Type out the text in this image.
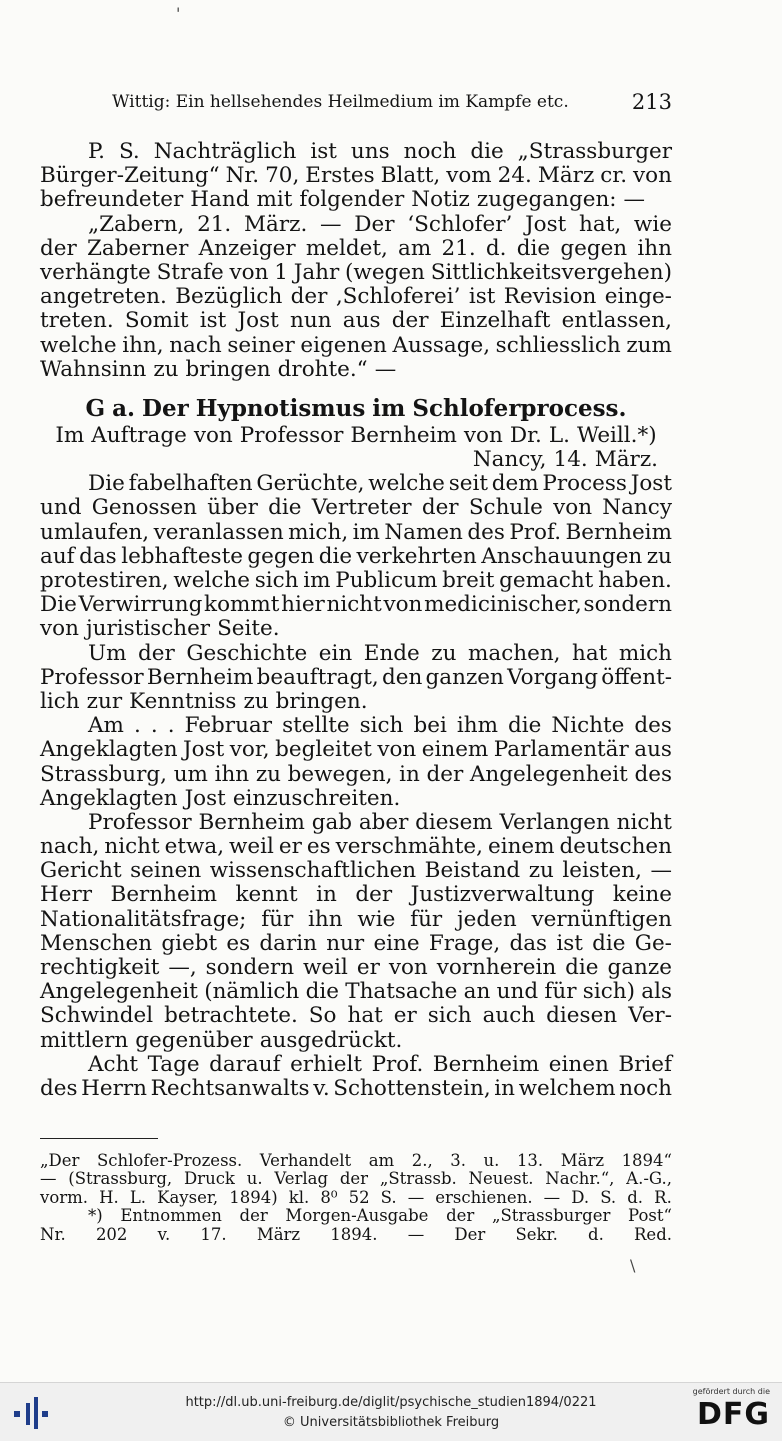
Wittig: Ein hellsehendes Heilmedium im Kampfe etc.	213
P. S. Nachträglich ist uns noch die „Strassburger
Bürger-Zeitung“ Nr. 70, Erstes Blatt, vom 24. März cr. von
befreundeter Hand mit folgender Notiz zugegangen: —
„Zabern, 21. März. — Der ‘Schlofer’ Jost hat, wie
der Zaberner Anzeiger meldet, am 21. d. die gegen ihn
verhängte Strafe von 1 Jahr (wegen Sittlichkeitsvergehen)
angetreten. Bezüglich der ‚Schloferei’ ist Revision einge-
treten. Somit ist Jost nun aus der Einzelhaft entlassen,
welche ihn, nach seiner eigenen Aussage, schliesslich zum
Wahnsinn zu bringen drohte.“ —
G a. Der Hypnotismus im Schloferprocess.
Im Auftrage von Professor Bernheim von Dr. L. Weill.*)
Nancy, 14. März.
Die fabelhaften Gerüchte, welche seit dem Process Jost
und Genossen über die Vertreter der Schule von Nancy
umlaufen, veranlassen mich, im Namen des Prof. Bernheim
auf das lebhafteste gegen die verkehrten Anschauungen zu
protestiren, welche sich im Publicum breit gemacht haben.
Die Verwirrung kommt hier nicht von medicinischer, sondern
von juristischer Seite.
Um der Geschichte ein Ende zu machen, hat mich
Professor Bernheim beauftragt, den ganzen Vorgang öffent-
lich zur Kenntniss zu bringen.
Am . . . Februar stellte sich bei ihm die Nichte des
Angeklagten Jost vor, begleitet von einem Parlamentär aus
Strassburg, um ihn zu bewegen, in der Angelegenheit des
Angeklagten Jost einzuschreiten.
Professor Bernheim gab aber diesem Verlangen nicht
nach, nicht etwa, weil er es verschmähte, einem deutschen
Gericht seinen wissenschaftlichen Beistand zu leisten, —
Herr Bernheim kennt in der Justizverwaltung keine
Nationalitätsfrage; für ihn wie für jeden vernünftigen
Menschen giebt es darin nur eine Frage, das ist die Ge-
rechtigkeit —, sondern weil er von vornherein die ganze
Angelegenheit (nämlich die Thatsache an und für sich) als
Schwindel betrachtete. So hat er sich auch diesen Ver-
mittlern gegenüber ausgedrückt.
Acht Tage darauf erhielt Prof. Bernheim einen Brief
des Herrn Rechtsanwalts v. Schottenstein, in welchem noch
„Der Schlofer-Prozess. Verhandelt am 2., 3. u. 13. März 1894“
— (Strassburg, Druck u. Verlag der „Strassb. Neuest. Nachr.“, A.-G.,
vorm. H. L. Kayser, 1894) kl. 8⁰ 52 S. — erschienen. — D. S. d. R.
*) Entnommen der Morgen-Ausgabe der „Strassburger Post“
Nr. 202 v. 17. März 1894. — Der Sekr. d. Red.
'
\
http://dl.ub.uni-freiburg.de/diglit/psychische_studien1894/0221
© Universitätsbibliothek Freiburg
gefördert durch die
DFG
